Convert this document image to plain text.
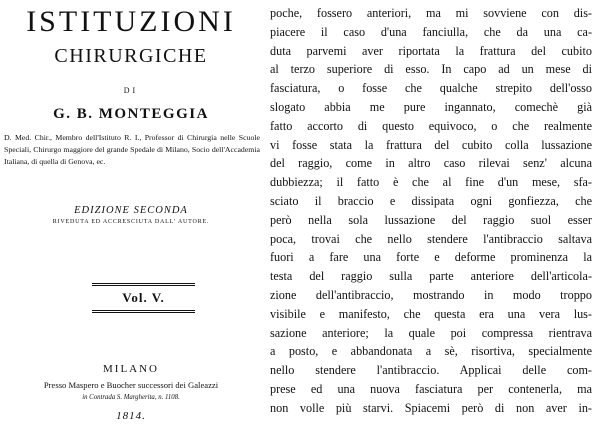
ISTITUZIONI
CHIRURGICHE
DI
G. B. MONTEGGIA
D. Med. Chir., Membro dell'Istituto R. I., Professor di Chirurgia nelle Scuole Speciali, Chirurgo maggiore del grande Spedale di Milano, Socio dell'Accademia Italiana, di quella di Genova, ec.
EDIZIONE SECONDA
RIVEDUTA ED ACCRESCIUTA DALL' AUTORE.
Vol. V.
MILANO
Presso Maspero e Buocher successori dei Galeazzi
in Contrada S. Margherita, n. 1108.
1814.
poche, fossero anteriori, ma mi sovviene con dis-
piacere il caso d'una fanciulla, che da una ca-
duta parvemi aver riportata la frattura del cubito
al terzo superiore di esso. In capo ad un mese di
fasciatura, o fosse che qualche strepito dell'osso
slogato abbia me pure ingannato, comechè già
fatto accorto di questo equivoco, o che realmente
vi fosse stata la frattura del cubito colla lussazione
del raggio, come in altro caso rilevai senz' alcuna
dubbiezza; il fatto è che al fine d'un mese, sfa-
sciato il braccio e dissipata ogni gonfiezza, che
però nella sola lussazione del raggio suol esser
poca, trovai che nello stendere l'antibraccio saltava
fuori a fare una forte e deforme prominenza la
testa del raggio sulla parte anteriore dell'articola-
zione dell'antibraccio, mostrando in modo troppo
visibile e manifesto, che questa era una vera lus-
sazione anteriore; la quale poi compressa rientrava
a posto, e abbandonata a sè, risortiva, specialmente
nello stendere l'antibraccio. Applicai delle com-
prese ed una nuova fasciatura per contenerla, ma
non volle più starvi. Spiacemi però di non aver in-
